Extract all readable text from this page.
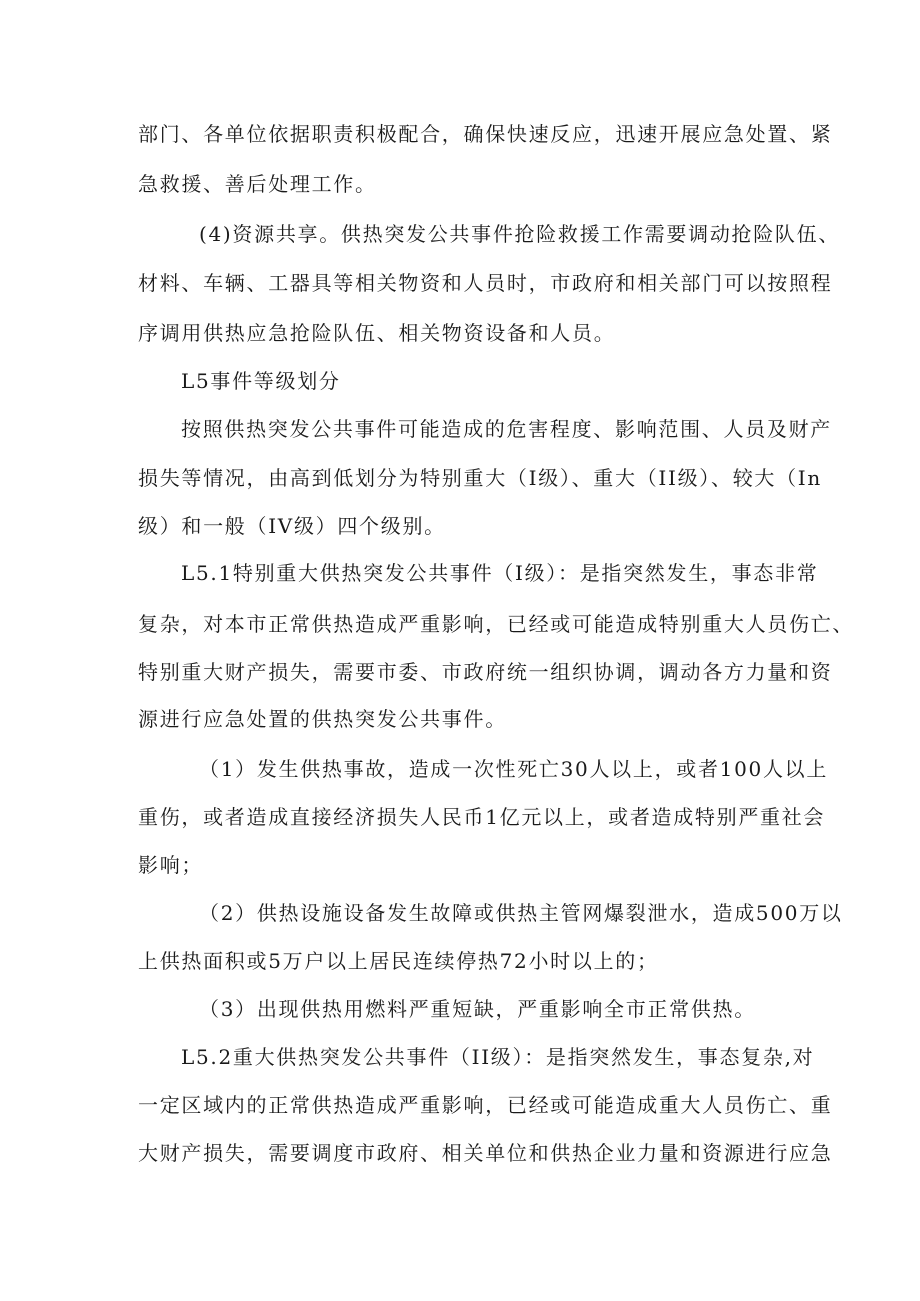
部门、各单位依据职责积极配合，确保快速反应，迅速开展应急处置、紧
急救援、善后处理工作。
(4)资源共享。供热突发公共事件抢险救援工作需要调动抢险队伍、
材料、车辆、工器具等相关物资和人员时，市政府和相关部门可以按照程
序调用供热应急抢险队伍、相关物资设备和人员。
L5事件等级划分
按照供热突发公共事件可能造成的危害程度、影响范围、人员及财产
损失等情况，由高到低划分为特别重大（I级）、重大（II级）、较大（In
级）和一般（IV级）四个级别。
L5.1特别重大供热突发公共事件（I级）：是指突然发生，事态非常
复杂，对本市正常供热造成严重影响，已经或可能造成特别重大人员伤亡、
特别重大财产损失，需要市委、市政府统一组织协调，调动各方力量和资
源进行应急处置的供热突发公共事件。
（1）发生供热事故，造成一次性死亡30人以上，或者100人以上
重伤，或者造成直接经济损失人民币1亿元以上，或者造成特别严重社会
影响；
（2）供热设施设备发生故障或供热主管网爆裂泄水，造成500万以
上供热面积或5万户以上居民连续停热72小时以上的；
（3）出现供热用燃料严重短缺，严重影响全市正常供热。
L5.2重大供热突发公共事件（II级）：是指突然发生，事态复杂,对
一定区域内的正常供热造成严重影响，已经或可能造成重大人员伤亡、重
大财产损失，需要调度市政府、相关单位和供热企业力量和资源进行应急
